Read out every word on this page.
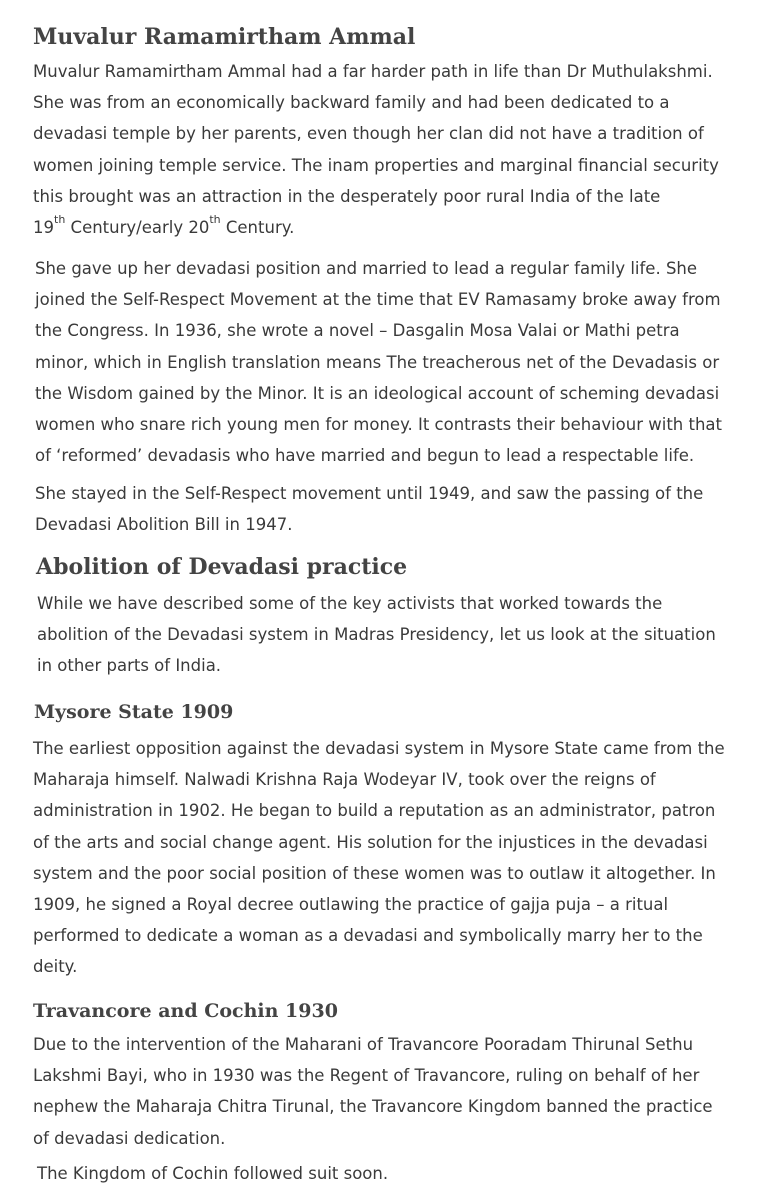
Muvalur Ramamirtham Ammal
Muvalur Ramamirtham Ammal had a far harder path in life than Dr Muthulakshmi.
She was from an economically backward family and had been dedicated to a
devadasi temple by her parents, even though her clan did not have a tradition of
women joining temple service. The inam properties and marginal financial security
this brought was an attraction in the desperately poor rural India of the late
19th Century/early 20th Century.
She gave up her devadasi position and married to lead a regular family life. She
joined the Self-Respect Movement at the time that EV Ramasamy broke away from
the Congress. In 1936, she wrote a novel – Dasgalin Mosa Valai or Mathi petra
minor, which in English translation means The treacherous net of the Devadasis or
the Wisdom gained by the Minor. It is an ideological account of scheming devadasi
women who snare rich young men for money. It contrasts their behaviour with that
of ‘reformed’ devadasis who have married and begun to lead a respectable life.
She stayed in the Self-Respect movement until 1949, and saw the passing of the
Devadasi Abolition Bill in 1947.
Abolition of Devadasi practice
While we have described some of the key activists that worked towards the
abolition of the Devadasi system in Madras Presidency, let us look at the situation
in other parts of India.
Mysore State 1909
The earliest opposition against the devadasi system in Mysore State came from the
Maharaja himself. Nalwadi Krishna Raja Wodeyar IV, took over the reigns of
administration in 1902. He began to build a reputation as an administrator, patron
of the arts and social change agent. His solution for the injustices in the devadasi
system and the poor social position of these women was to outlaw it altogether. In
1909, he signed a Royal decree outlawing the practice of gajja puja – a ritual
performed to dedicate a woman as a devadasi and symbolically marry her to the
deity.
Travancore and Cochin 1930
Due to the intervention of the Maharani of Travancore Pooradam Thirunal Sethu
Lakshmi Bayi, who in 1930 was the Regent of Travancore, ruling on behalf of her
nephew the Maharaja Chitra Tirunal, the Travancore Kingdom banned the practice
of devadasi dedication.
The Kingdom of Cochin followed suit soon.
